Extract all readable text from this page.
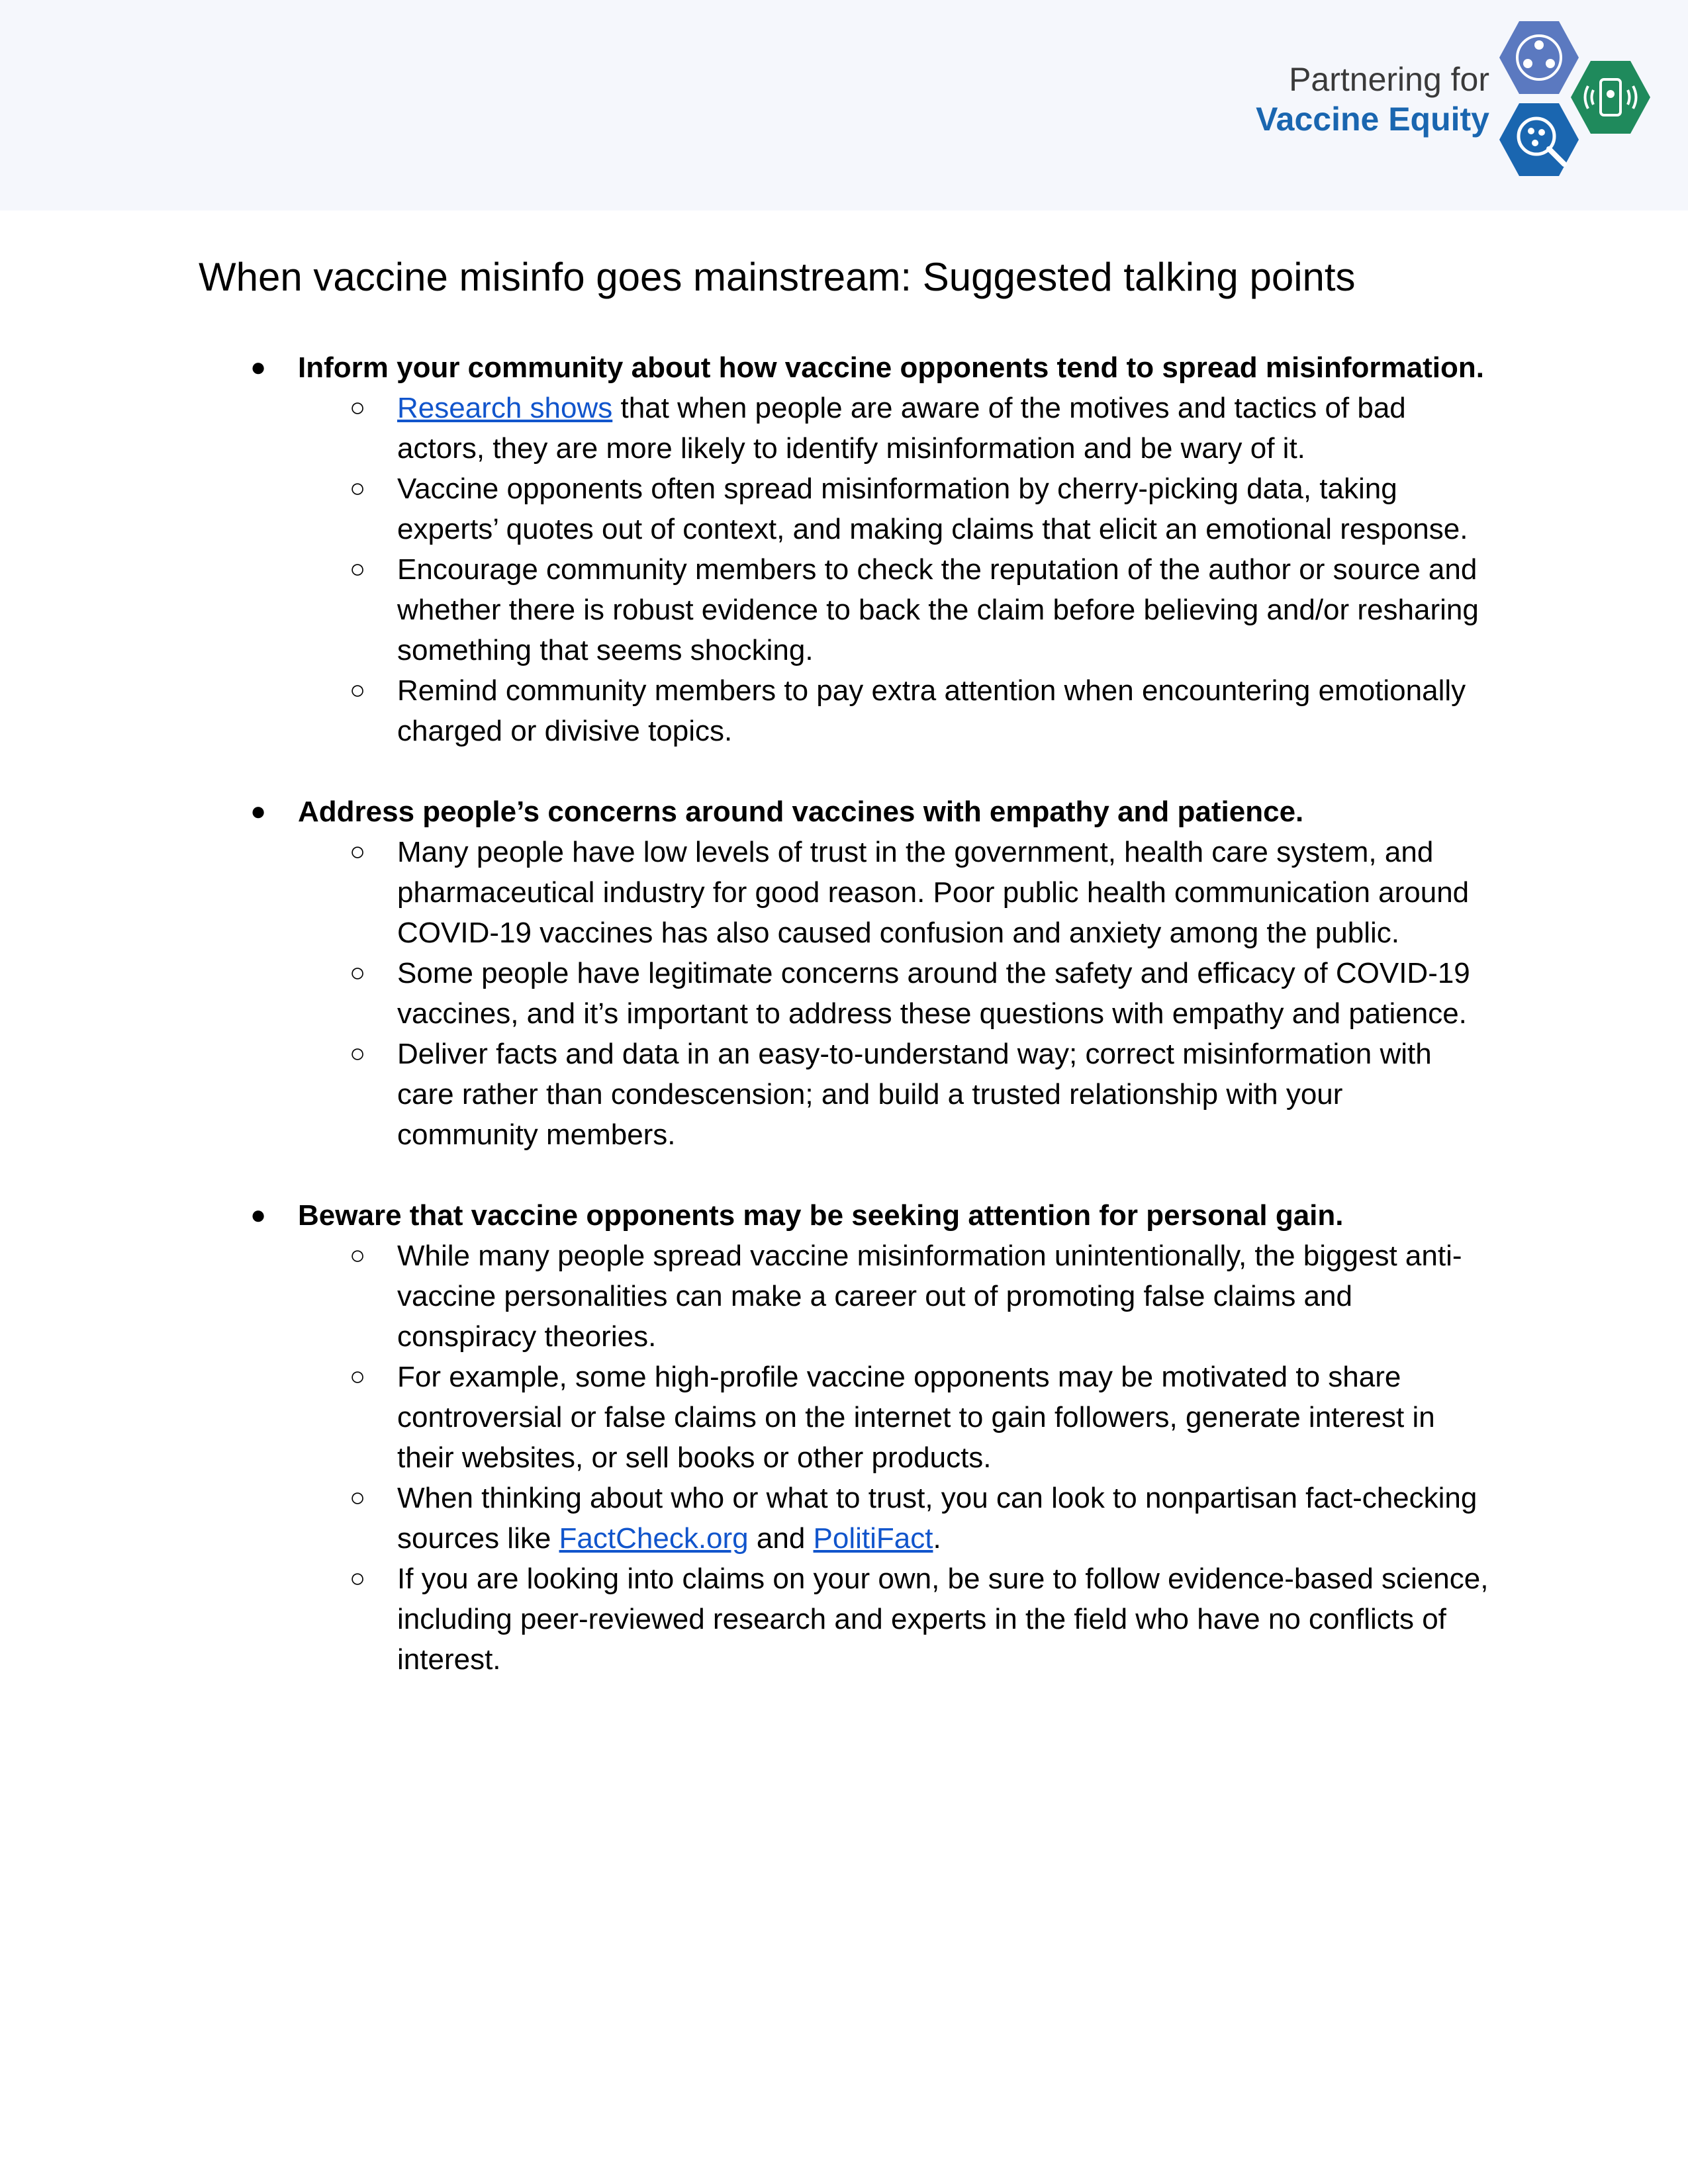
Partnering for
Vaccine Equity
When vaccine misinfo goes mainstream: Suggested talking points
● Inform your community about how vaccine opponents tend to spread misinformation.
○ Research shows that when people are aware of the motives and tactics of bad actors, they are more likely to identify misinformation and be wary of it.
○ Vaccine opponents often spread misinformation by cherry-picking data, taking experts’ quotes out of context, and making claims that elicit an emotional response.
○ Encourage community members to check the reputation of the author or source and whether there is robust evidence to back the claim before believing and/or resharing something that seems shocking.
○ Remind community members to pay extra attention when encountering emotionally charged or divisive topics.
● Address people’s concerns around vaccines with empathy and patience.
○ Many people have low levels of trust in the government, health care system, and pharmaceutical industry for good reason. Poor public health communication around COVID-19 vaccines has also caused confusion and anxiety among the public.
○ Some people have legitimate concerns around the safety and efficacy of COVID-19 vaccines, and it’s important to address these questions with empathy and patience.
○ Deliver facts and data in an easy-to-understand way; correct misinformation with care rather than condescension; and build a trusted relationship with your community members.
● Beware that vaccine opponents may be seeking attention for personal gain.
○ While many people spread vaccine misinformation unintentionally, the biggest anti-vaccine personalities can make a career out of promoting false claims and conspiracy theories.
○ For example, some high-profile vaccine opponents may be motivated to share controversial or false claims on the internet to gain followers, generate interest in their websites, or sell books or other products.
○ When thinking about who or what to trust, you can look to nonpartisan fact-checking sources like FactCheck.org and PolitiFact.
○ If you are looking into claims on your own, be sure to follow evidence-based science, including peer-reviewed research and experts in the field who have no conflicts of interest.
